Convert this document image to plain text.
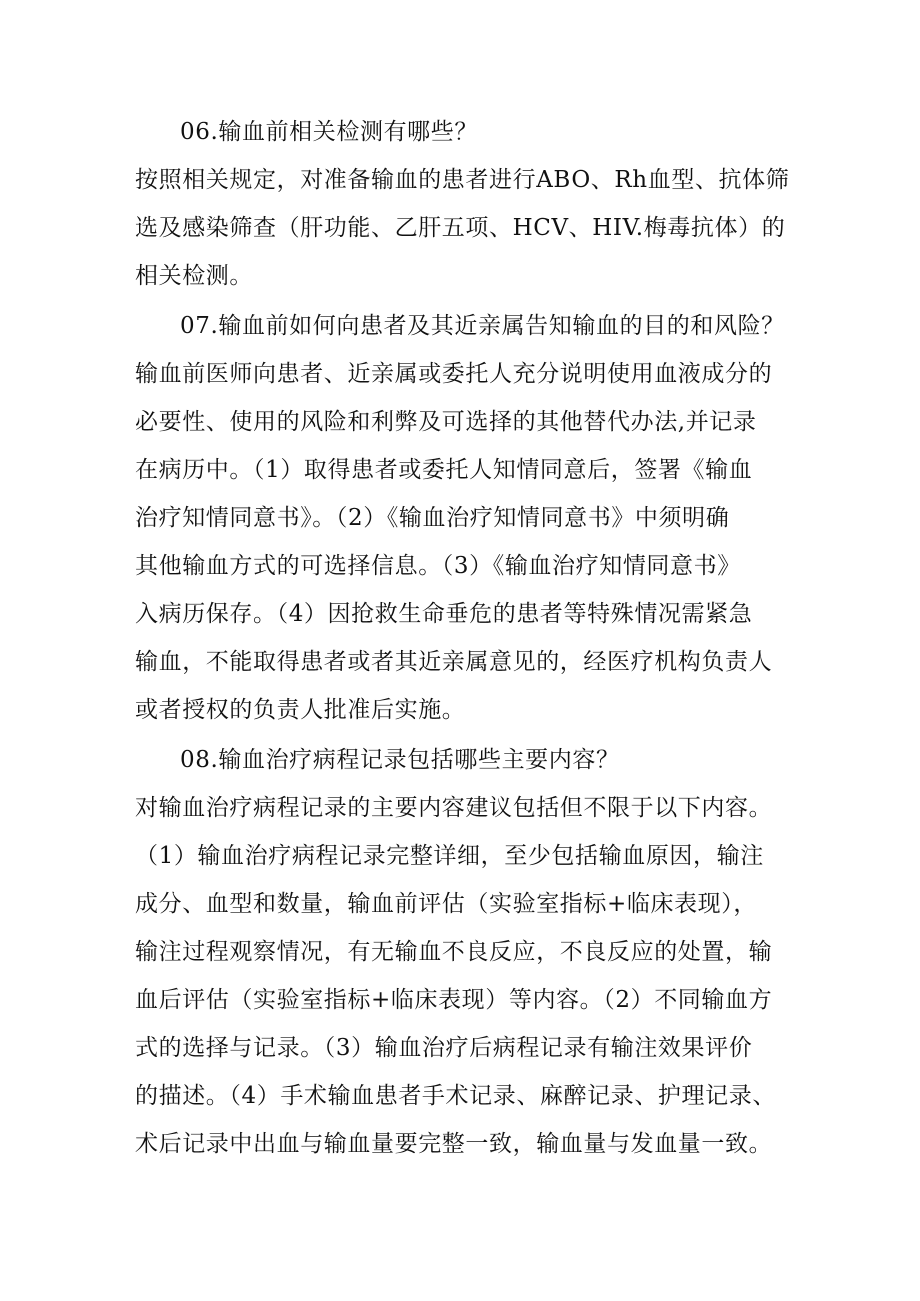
06.输血前相关检测有哪些？
按照相关规定，对准备输血的患者进行ABO、Rh血型、抗体筛
选及感染筛查（肝功能、乙肝五项、HCV、HIV.梅毒抗体）的
相关检测。
07.输血前如何向患者及其近亲属告知输血的目的和风险？
输血前医师向患者、近亲属或委托人充分说明使用血液成分的
必要性、使用的风险和利弊及可选择的其他替代办法,并记录
在病历中。（1）取得患者或委托人知情同意后，签署《输血
治疗知情同意书》。（2）《输血治疗知情同意书》中须明确
其他输血方式的可选择信息。（3）《输血治疗知情同意书》
入病历保存。（4）因抢救生命垂危的患者等特殊情况需紧急
输血，不能取得患者或者其近亲属意见的，经医疗机构负责人
或者授权的负责人批准后实施。
08.输血治疗病程记录包括哪些主要内容？
对输血治疗病程记录的主要内容建议包括但不限于以下内容。
（1）输血治疗病程记录完整详细，至少包括输血原因，输注
成分、血型和数量，输血前评估（实验室指标+临床表现），
输注过程观察情况，有无输血不良反应，不良反应的处置，输
血后评估（实验室指标+临床表现）等内容。（2）不同输血方
式的选择与记录。（3）输血治疗后病程记录有输注效果评价
的描述。（4）手术输血患者手术记录、麻醉记录、护理记录、
术后记录中出血与输血量要完整一致，输血量与发血量一致。
